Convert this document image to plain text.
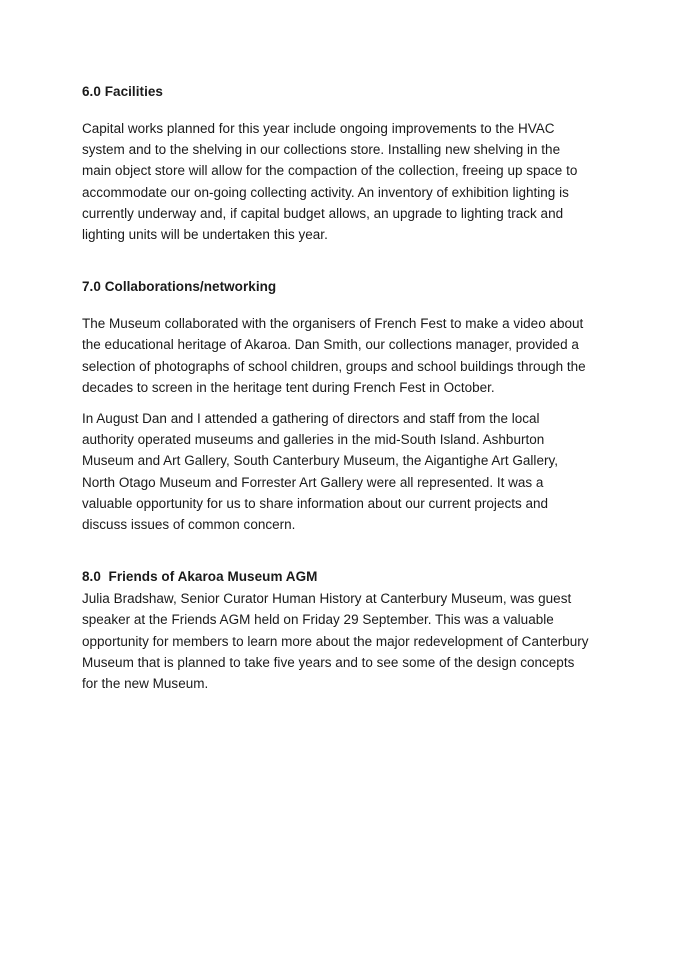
6.0 Facilities

Capital works planned for this year include ongoing improvements to the HVAC system and to the shelving in our collections store. Installing new shelving in the main object store will allow for the compaction of the collection, freeing up space to accommodate our on-going collecting activity. An inventory of exhibition lighting is currently underway and, if capital budget allows, an upgrade to lighting track and lighting units will be undertaken this year.

7.0 Collaborations/networking

The Museum collaborated with the organisers of French Fest to make a video about the educational heritage of Akaroa. Dan Smith, our collections manager, provided a selection of photographs of school children, groups and school buildings through the decades to screen in the heritage tent during French Fest in October.

In August Dan and I attended a gathering of directors and staff from the local authority operated museums and galleries in the mid-South Island. Ashburton Museum and Art Gallery, South Canterbury Museum, the Aigantighe Art Gallery, North Otago Museum and Forrester Art Gallery were all represented. It was a valuable opportunity for us to share information about our current projects and discuss issues of common concern.

8.0  Friends of Akaroa Museum AGM

Julia Bradshaw, Senior Curator Human History at Canterbury Museum, was guest speaker at the Friends AGM held on Friday 29 September. This was a valuable opportunity for members to learn more about the major redevelopment of Canterbury Museum that is planned to take five years and to see some of the design concepts for the new Museum.
